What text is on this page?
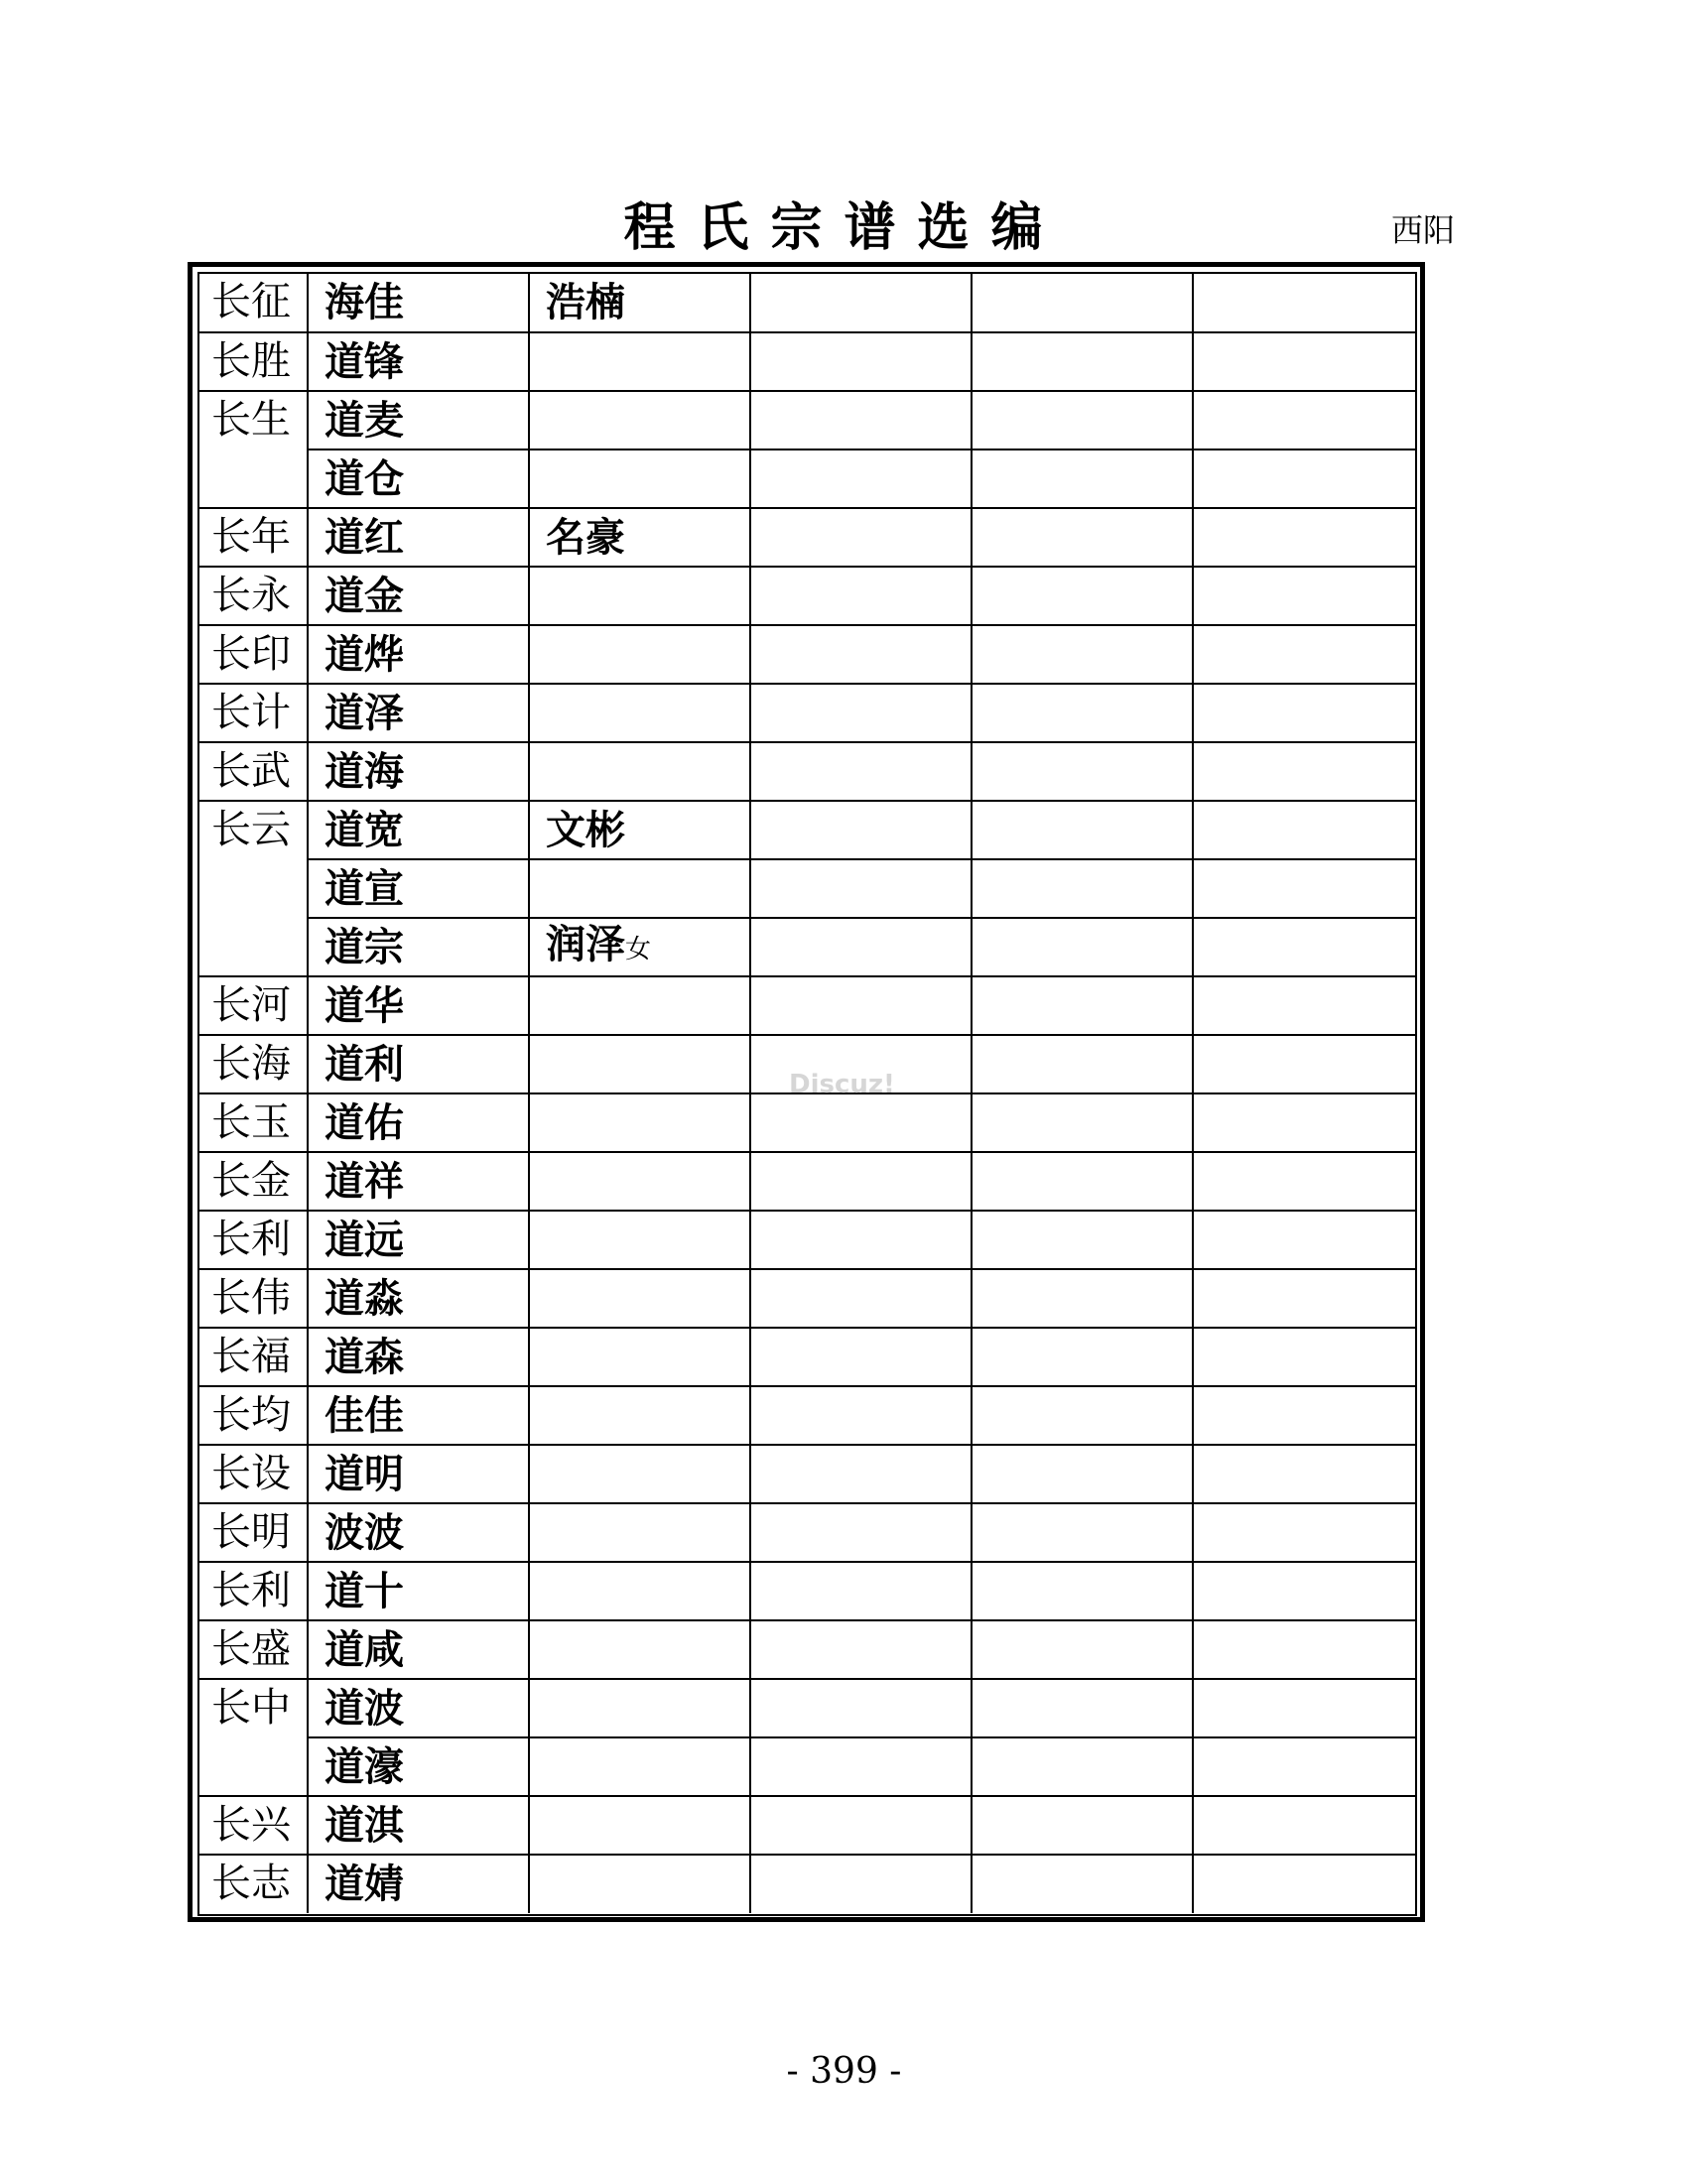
程氏宗谱选编	西阳
长征	海佳	浩楠			
长胜	道锋				
长生	道麦				
	道仓				
长年	道红	名豪			
长永	道金				
长印	道烨				
长计	道泽				
长武	道海				
长云	道宽	文彬			
	道宣				
	道宗	润泽女			
长河	道华				
长海	道利				
长玉	道佑				
长金	道祥				
长利	道远				
长伟	道淼				
长福	道森				
长均	佳佳				
长设	道明				
长明	波波				
长利	道十				
长盛	道咸				
长中	道波				
	道濠				
长兴	道淇				
长志	道婧				
Discuz!
- 399 -
